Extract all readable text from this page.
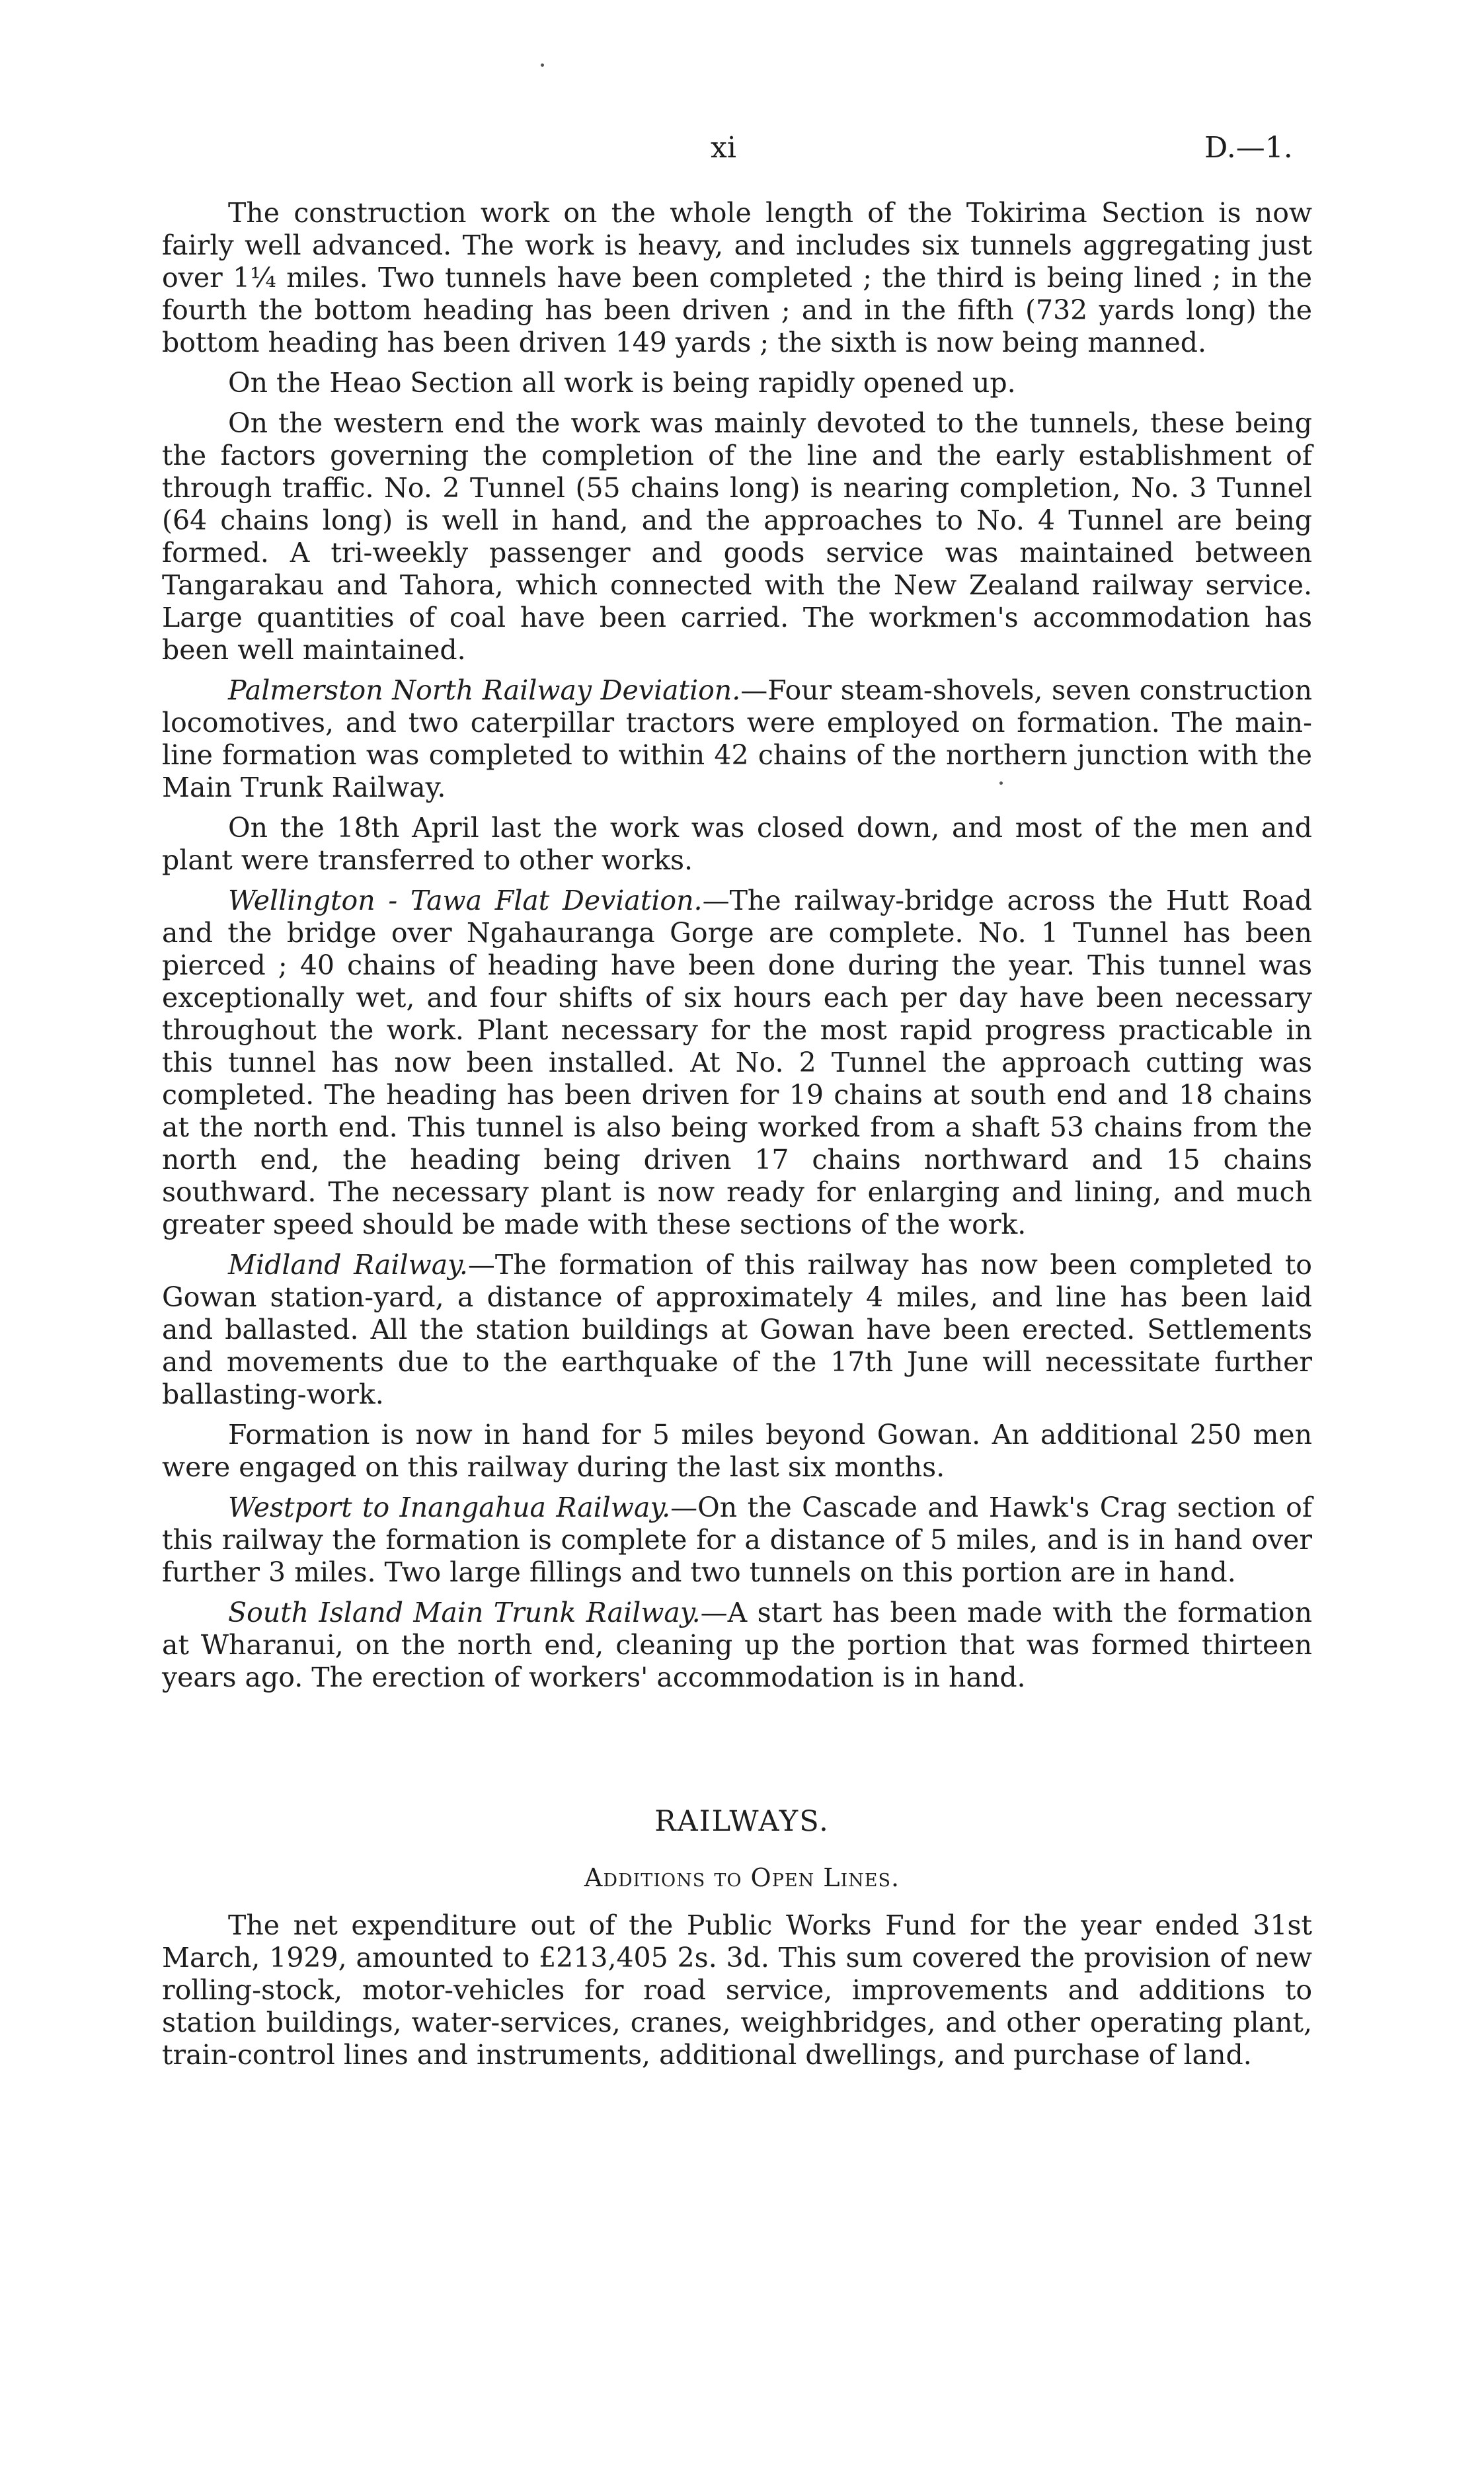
xi	D.—1.

The construction work on the whole length of the Tokirima Section is now fairly well advanced. The work is heavy, and includes six tunnels aggregating just over 1¼ miles. Two tunnels have been completed ; the third is being lined ; in the fourth the bottom heading has been driven ; and in the fifth (732 yards long) the bottom heading has been driven 149 yards ; the sixth is now being manned.

On the Heao Section all work is being rapidly opened up.

On the western end the work was mainly devoted to the tunnels, these being the factors governing the completion of the line and the early establishment of through traffic. No. 2 Tunnel (55 chains long) is nearing completion, No. 3 Tunnel (64 chains long) is well in hand, and the approaches to No. 4 Tunnel are being formed. A tri-weekly passenger and goods service was maintained between Tangarakau and Tahora, which connected with the New Zealand railway service. Large quantities of coal have been carried. The workmen's accommodation has been well maintained.

Palmerston North Railway Deviation.—Four steam-shovels, seven construction locomotives, and two caterpillar tractors were employed on formation. The main-line formation was completed to within 42 chains of the northern junction with the Main Trunk Railway.

On the 18th April last the work was closed down, and most of the men and plant were transferred to other works.

Wellington - Tawa Flat Deviation.—The railway-bridge across the Hutt Road and the bridge over Ngahauranga Gorge are complete. No. 1 Tunnel has been pierced ; 40 chains of heading have been done during the year. This tunnel was exceptionally wet, and four shifts of six hours each per day have been necessary throughout the work. Plant necessary for the most rapid progress practicable in this tunnel has now been installed. At No. 2 Tunnel the approach cutting was completed. The heading has been driven for 19 chains at south end and 18 chains at the north end. This tunnel is also being worked from a shaft 53 chains from the north end, the heading being driven 17 chains northward and 15 chains southward. The necessary plant is now ready for enlarging and lining, and much greater speed should be made with these sections of the work.

Midland Railway.—The formation of this railway has now been completed to Gowan station-yard, a distance of approximately 4 miles, and line has been laid and ballasted. All the station buildings at Gowan have been erected. Settlements and movements due to the earthquake of the 17th June will necessitate further ballasting-work.

Formation is now in hand for 5 miles beyond Gowan. An additional 250 men were engaged on this railway during the last six months.

Westport to Inangahua Railway.—On the Cascade and Hawk's Crag section of this railway the formation is complete for a distance of 5 miles, and is in hand over further 3 miles. Two large fillings and two tunnels on this portion are in hand.

South Island Main Trunk Railway.—A start has been made with the formation at Wharanui, on the north end, cleaning up the portion that was formed thirteen years ago. The erection of workers' accommodation is in hand.

RAILWAYS.
Additions to Open Lines.

The net expenditure out of the Public Works Fund for the year ended 31st March, 1929, amounted to £213,405 2s. 3d. This sum covered the provision of new rolling-stock, motor-vehicles for road service, improvements and additions to station buildings, water-services, cranes, weighbridges, and other operating plant, train-control lines and instruments, additional dwellings, and purchase of land.
